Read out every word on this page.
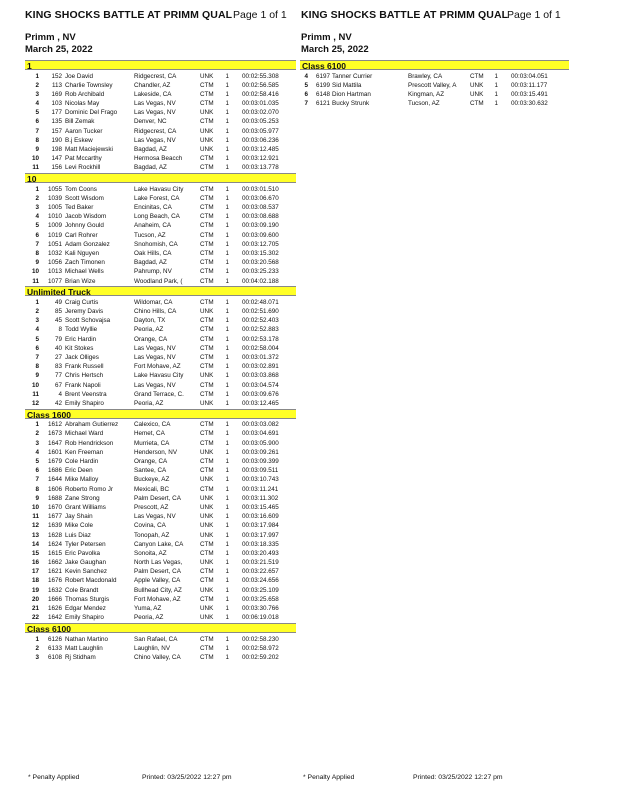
KING SHOCKS BATTLE AT PRIMM QUAL Page 1 of 1
Primm , NV
March 25, 2022
KING SHOCKS BATTLE AT PRIMM QUAL
Page 1 of 1
Primm , NV
March 25, 2022
1
1	152 Joe David	Ridgecrest, CA	UNK	1 00:02:55.308
2	113 Charlie Townsley	Chandler, AZ	CTM	1 00:02:56.585
3	169 Rob Archibald	Lakeside, CA	CTM	1 00:02:58.416
4	103 Nicolas May	Las Vegas, NV	CTM	1 00:03:01.035
5	177 Dominic Del Frago	Las Vegas, NV	UNK	1 00:03:02.070
6	135 Bill Zemak	Denver, NC	CTM	1 00:03:05.253
7	157 Aaron Tucker	Ridgecrest, CA	UNK	1 00:03:05.977
8	190 B.j Eskew	Las Vegas, NV	UNK	1 00:03:06.236
9	198 Matt Maciejewski	Bagdad, AZ	UNK	1 00:03:12.485
10	147 Pat Mccarthy	Hermosa Beacch	CTM	1 00:03:12.921
11	156 Levi Rockhill	Bagdad, AZ	CTM	1 00:03:13.778
10
1	1055 Tom Coons	Lake Havasu City	CTM	1 00:03:01.510
2	1039 Scott Wisdom	Lake Forest, CA	CTM	1 00:03:06.670
3	1005 Ted Baker	Encinitas, CA	CTM	1 00:03:08.537
4	1010 Jacob Wisdom	Long Beach, CA	CTM	1 00:03:08.688
5	1009 Johnny Gould	Anaheim, CA	CTM	1 00:03:09.190
6	1019 Carl Rohrer	Tucson, AZ	CTM	1 00:03:09.600
7	1051 Adam Gonzalez	Snohomish, CA	CTM	1 00:03:12.705
8	1032 Kali Nguyen	Oak Hills, CA	CTM	1 00:03:15.302
9	1056 Zach Timonen	Bagdad, AZ	CTM	1 00:03:20.568
10	1013 Michael Wells	Pahrump, NV	CTM	1 00:03:25.233
11	1077 Brian Wize	Woodland Park, (	CTM	1 00:04:02.188
Unlimited Truck
1	49 Craig Curtis	Wildomar, CA	CTM	1 00:02:48.071
2	85 Jeremy Davis	Chino Hills, CA	UNK	1 00:02:51.690
3	45 Scott Schovajsa	Dayton, TX	CTM	1 00:02:52.403
4	8 Todd Wyllie	Peoria, AZ	CTM	1 00:02:52.883
5	79 Eric Hardin	Orange, CA	CTM	1 00:02:53.178
6	40 Kit Stokes	Las Vegas, NV	CTM	1 00:02:58.004
7	27 Jack Olliges	Las Vegas, NV	CTM	1 00:03:01.372
8	83 Frank Russell	Fort Mohave, AZ	CTM	1 00:03:02.891
9	77 Chris Hertsch	Lake Havasu City	UNK	1 00:03:03.868
10	67 Frank Napoli	Las Vegas, NV	CTM	1 00:03:04.574
11	4 Brent Veenstra	Grand Terrace, C.	CTM	1 00:03:09.676
12	42 Emily Shapiro	Peoria, AZ	UNK	1 00:03:12.465
Class 1600
1	1612 Abraham Gutierrez	Calexico, CA	CTM	1 00:03:03.082
2	1673 Michael Ward	Hemet, CA	CTM	1 00:03:04.691
3	1647 Rob Hendrickson	Murrieta, CA	CTM	1 00:03:05.900
4	1601 Ken Freeman	Henderson, NV	UNK	1 00:03:09.261
5	1679 Cole Hardin	Orange, CA	CTM	1 00:03:09.399
6	1686 Eric Deen	Santee, CA	CTM	1 00:03:09.511
7	1644 Mike Malloy	Buckeye, AZ	UNK	1 00:03:10.743
8	1606 Roberto Romo Jr	Mexicali, BC	CTM	1 00:03:11.241
9	1688 Zane Strong	Palm Desert, CA	UNK	1 00:03:11.302
10	1670 Grant Williams	Prescott, AZ	UNK	1 00:03:15.465
11	1677 Jay Shain	Las Vegas, NV	UNK	1 00:03:16.609
12	1639 Mike Cole	Covina, CA	UNK	1 00:03:17.984
13	1628 Luis Diaz	Tonopah, AZ	UNK	1 00:03:17.997
14	1624 Tyler Petersen	Canyon Lake, CA	CTM	1 00:03:18.335
15	1615 Eric Pavolka	Sonoita, AZ	CTM	1 00:03:20.493
16	1662 Jake Gaughan	North Las Vegas,	UNK	1 00:03:21.519
17	1621 Kevin Sanchez	Palm Desert, CA	CTM	1 00:03:22.657
18	1676 Robert Macdonald	Apple Valley, CA	CTM	1 00:03:24.656
19	1632 Cole Brandt	Bullhead City, AZ	UNK	1 00:03:25.109
20	1666 Thomas Sturgis	Fort Mohave, AZ	CTM	1 00:03:25.658
21	1626 Edgar Mendez	Yuma, AZ	UNK	1 00:03:30.766
22	1642 Emily Shapiro	Peoria, AZ	UNK	1 00:06:19.018
Class 6100
1	6126 Nathan Martino	San Rafael, CA	CTM	1 00:02:58.230
2	6133 Matt Laughlin	Laughlin, NV	CTM	1 00:02:58.972
3	6108 Rj Stidham	Chino Valley, CA	CTM	1 00:02:59.202
Class 6100
4	6197 Tanner Currier	Brawley, CA	CTM	1 00:03:04.051
5	6199 Sid Mattila	Prescott Valley, A	UNK	1 00:03:11.177
6	6148 Dion Hartman	Kingman, AZ	UNK	1 00:03:15.491
7	6121 Bucky Strunk	Tucson, AZ	CTM	1 00:03:30.632
* Penalty Applied	Printed: 03/25/2022 12:27 pm	* Penalty Applied	Printed: 03/25/2022 12:27 pm
